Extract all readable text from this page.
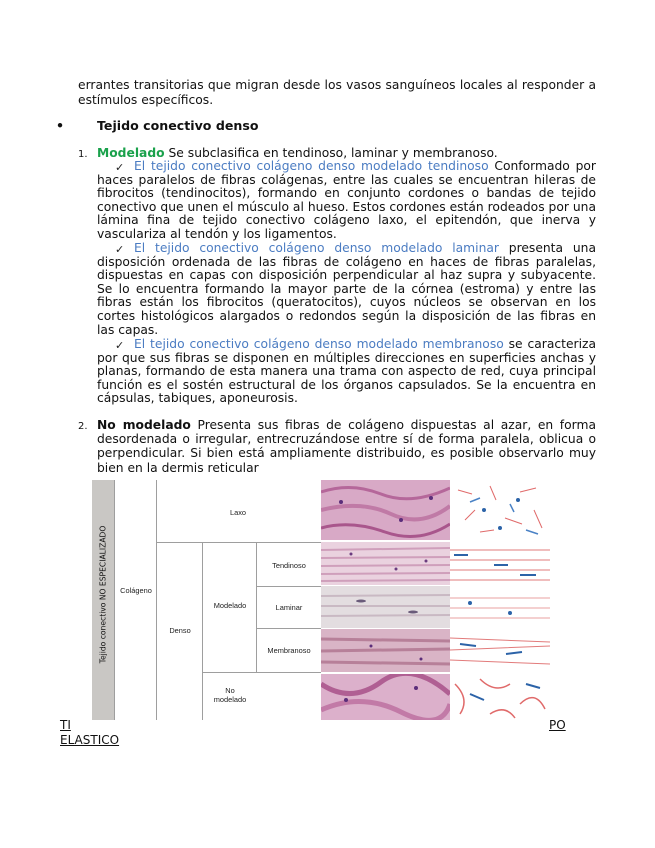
errantes transitorias que migran desde los vasos sanguíneos locales al responder a estímulos específicos.

•	Tejido conectivo denso
1. Modelado Se subclasifica en tendinoso, laminar y membranoso.
✓ El tejido conectivo colágeno denso modelado tendinoso Conformado por haces paralelos de fibras colágenas, entre las cuales se encuentran hileras de fibrocitos (tendinocitos), formando en conjunto cordones o bandas de tejido conectivo que unen el músculo al hueso. Estos cordones están rodeados por una lámina fina de tejido conectivo colágeno laxo, el epitendón, que inerva y vasculariza al tendón y los ligamentos.

✓ El tejido conectivo colágeno denso modelado laminar presenta una disposición ordenada de las fibras de colágeno en haces de fibras paralelas, dispuestas en capas con disposición perpendicular al haz supra y subyacente. Se lo encuentra formando la mayor parte de la córnea (estroma) y entre las fibras están los fibrocitos (queratocitos), cuyos núcleos se observan en los cortes histológicos alargados o redondos según la disposición de las fibras en las capas.

✓ El tejido conectivo colágeno denso modelado membranoso se caracteriza por que sus fibras se disponen en múltiples direcciones en superficies anchas y planas, formando de esta manera una trama con aspecto de red, cuya principal función es el sostén estructural de los órganos capsulados. Se la encuentra en cápsulas, tabiques, aponeurosis.

2. No modelado Presenta sus fibras de colágeno dispuestas al azar, en forma desordenada o irregular, entrecruzándose entre sí de forma paralela, oblicua o perpendicular. Si bien está ampliamente distribuido, es posible observarlo muy bien en la dermis reticular

Tejido conectivo NO ESPECIALIZADO	Colágeno
Laxo
Denso
Modelado
No modelado
Tendinoso
Laminar
Membranoso
TI
ELASTICO
PO
